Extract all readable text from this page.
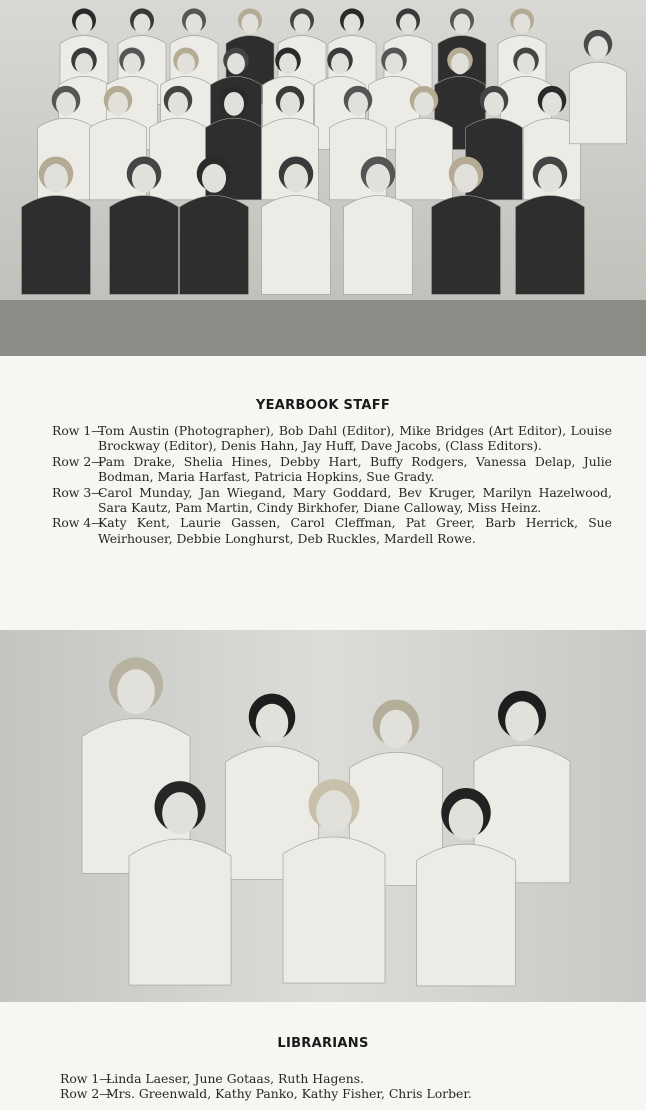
YEARBOOK STAFF
Row 1—
Tom Austin (Photographer), Bob Dahl (Editor), Mike Bridges (Art Editor), Louise Brockway (Editor), Denis Hahn, Jay Huff, Dave Jacobs, (Class Editors).
Row 2—
Pam Drake, Shelia Hines, Debby Hart, Buffy Rodgers, Vanessa Delap, Julie Bodman, Maria Harfast, Patricia Hopkins, Sue Grady.
Row 3—
Carol Munday, Jan Wiegand, Mary Goddard, Bev Kruger, Marilyn Hazelwood, Sara Kautz, Pam Martin, Cindy Birkhofer, Diane Calloway, Miss Heinz.
Row 4—
Katy Kent, Laurie Gassen, Carol Cleffman, Pat Greer, Barb Herrick, Sue Weirhouser, Debbie Longhurst, Deb Ruckles, Mardell Rowe.
LIBRARIANS
Row 1—
Linda Laeser, June Gotaas, Ruth Hagens.
Row 2—
Mrs. Greenwald, Kathy Panko, Kathy Fisher, Chris Lorber.
